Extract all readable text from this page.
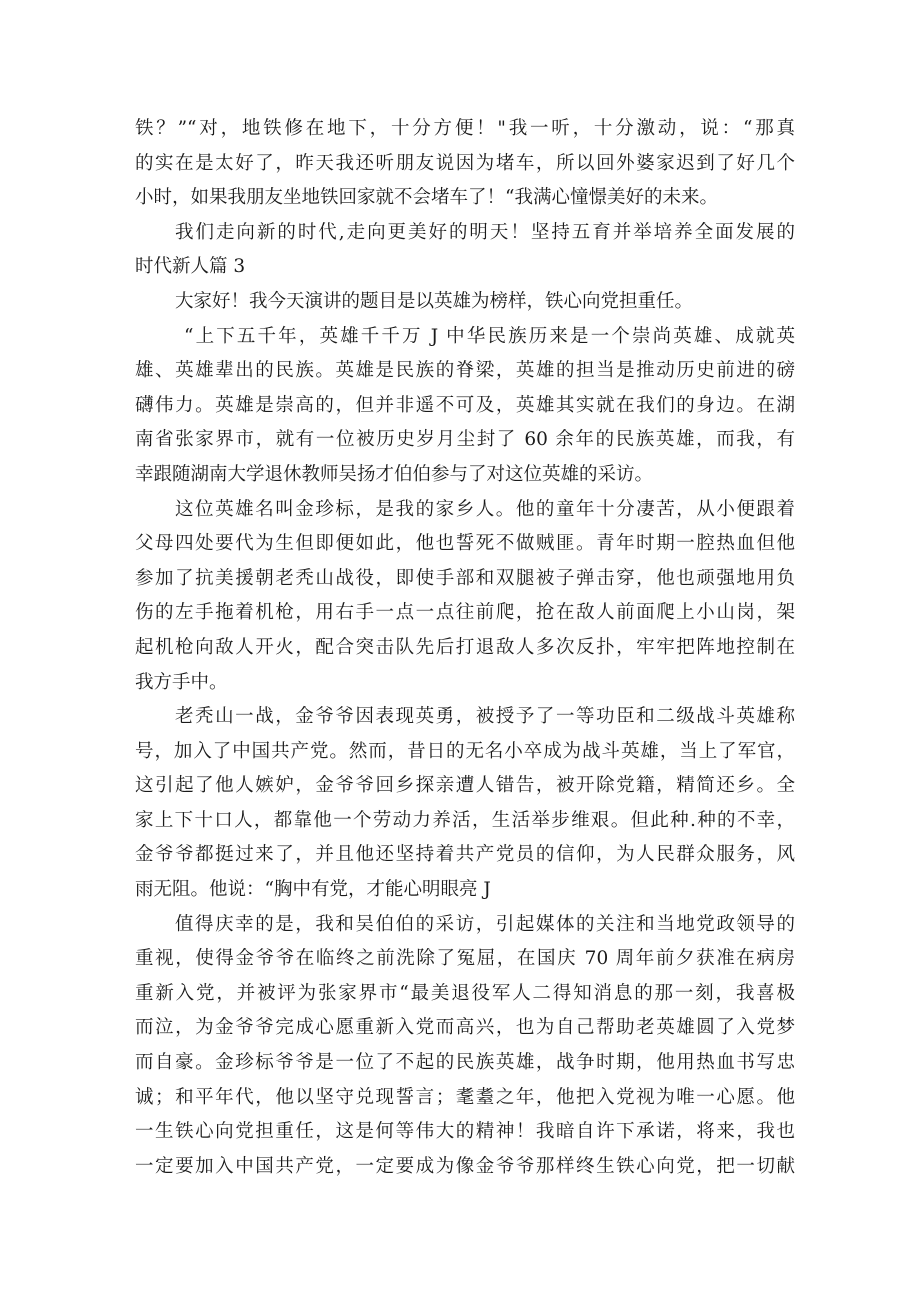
铁？”“对，地铁修在地下，十分方便！"我一听，十分激动，说：“那真
的实在是太好了，昨天我还听朋友说因为堵车，所以回外婆家迟到了好几个
小时，如果我朋友坐地铁回家就不会堵车了！“我满心憧憬美好的未来。
我们走向新的时代,走向更美好的明天！坚持五育并举培养全面发展的
时代新人篇 3
大家好！我今天演讲的题目是以英雄为榜样，铁心向党担重任。
“上下五千年，英雄千千万 J 中华民族历来是一个崇尚英雄、成就英
雄、英雄辈出的民族。英雄是民族的脊梁，英雄的担当是推动历史前进的磅
礴伟力。英雄是崇高的，但并非遥不可及，英雄其实就在我们的身边。在湖
南省张家界市，就有一位被历史岁月尘封了 60 余年的民族英雄，而我，有
幸跟随湖南大学退休教师吴扬才伯伯参与了对这位英雄的采访。
这位英雄名叫金珍标，是我的家乡人。他的童年十分凄苦，从小便跟着
父母四处要代为生但即便如此，他也誓死不做贼匪。青年时期一腔热血但他
参加了抗美援朝老秃山战役，即使手部和双腿被子弹击穿，他也顽强地用负
伤的左手拖着机枪，用右手一点一点往前爬，抢在敌人前面爬上小山岗，架
起机枪向敌人开火，配合突击队先后打退敌人多次反扑，牢牢把阵地控制在
我方手中。
老秃山一战，金爷爷因表现英勇，被授予了一等功臣和二级战斗英雄称
号，加入了中国共产党。然而，昔日的无名小卒成为战斗英雄，当上了军官，
这引起了他人嫉妒，金爷爷回乡探亲遭人错告，被开除党籍，精简还乡。全
家上下十口人，都靠他一个劳动力养活，生活举步维艰。但此种.种的不幸，
金爷爷都挺过来了，并且他还坚持着共产党员的信仰，为人民群众服务，风
雨无阻。他说：“胸中有党，才能心明眼亮 J
值得庆幸的是，我和吴伯伯的采访，引起媒体的关注和当地党政领导的
重视，使得金爷爷在临终之前洗除了冤屈，在国庆 70 周年前夕获准在病房
重新入党，并被评为张家界市“最美退役军人二得知消息的那一刻，我喜极
而泣，为金爷爷完成心愿重新入党而高兴，也为自己帮助老英雄圆了入党梦
而自豪。金珍标爷爷是一位了不起的民族英雄，战争时期，他用热血书写忠
诚；和平年代，他以坚守兑现誓言；耄耋之年，他把入党视为唯一心愿。他
一生铁心向党担重任，这是何等伟大的精神！我暗自许下承诺，将来，我也
一定要加入中国共产党，一定要成为像金爷爷那样终生铁心向党，把一切献
